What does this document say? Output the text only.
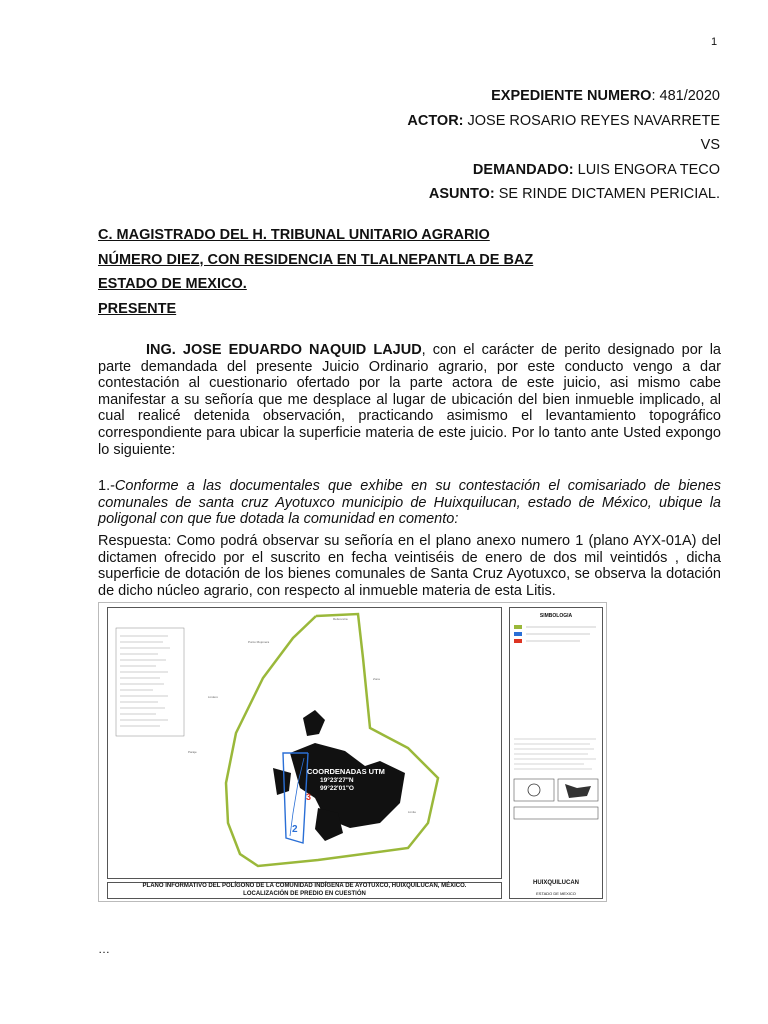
1
EXPEDIENTE NUMERO: 481/2020
ACTOR: JOSE ROSARIO REYES NAVARRETE
VS
DEMANDADO: LUIS ENGORA TECO
ASUNTO: SE RINDE DICTAMEN PERICIAL.
C. MAGISTRADO DEL H. TRIBUNAL UNITARIO AGRARIO
NÚMERO DIEZ, CON RESIDENCIA EN TLALNEPANTLA DE BAZ
ESTADO DE MEXICO.
PRESENTE
ING. JOSE EDUARDO NAQUID LAJUD, con el carácter de perito designado por la parte demandada del presente Juicio Ordinario agrario, por este conducto vengo a dar contestación al cuestionario ofertado por la parte actora de este juicio, asi mismo cabe manifestar a su señoría que me desplace al lugar de ubicación del bien inmueble implicado, al cual realicé detenida observación, practicando asimismo el levantamiento topográfico correspondiente para ubicar la superficie materia de este juicio. Por lo tanto ante Usted expongo lo siguiente:
1.-Conforme a las documentales que exhibe en su contestación el comisariado de bienes comunales de santa cruz Ayotuxco municipio de Huixquilucan, estado de México, ubique la poligonal con que fue dotada la comunidad en comento:
Respuesta: Como podrá observar su señoría en el plano anexo numero 1 (plano AYX-01A) del dictamen ofrecido por el suscrito en fecha veintiséis de enero de dos mil veintidós , dicha superficie de dotación de los bienes comunales de Santa Cruz Ayotuxco, se observa la dotación de dicho núcleo agrario, con respecto al inmueble materia de esta Litis.
Referencia
Punto Mojonera
Zona
Lindero
Paraje
Limite
COORDENADAS UTM
19°23'27"N
99°22'01"O
2
3
PLANO INFORMATIVO DEL POLÍGONO DE LA COMUNIDAD INDÍGENA DE AYOTUXCO, HUIXQUILUCAN, MÉXICO.
LOCALIZACIÓN DE PREDIO EN CUESTIÓN
SIMBOLOGIA
HUIXQUILUCAN
ESTADO DE MEXICO
…
